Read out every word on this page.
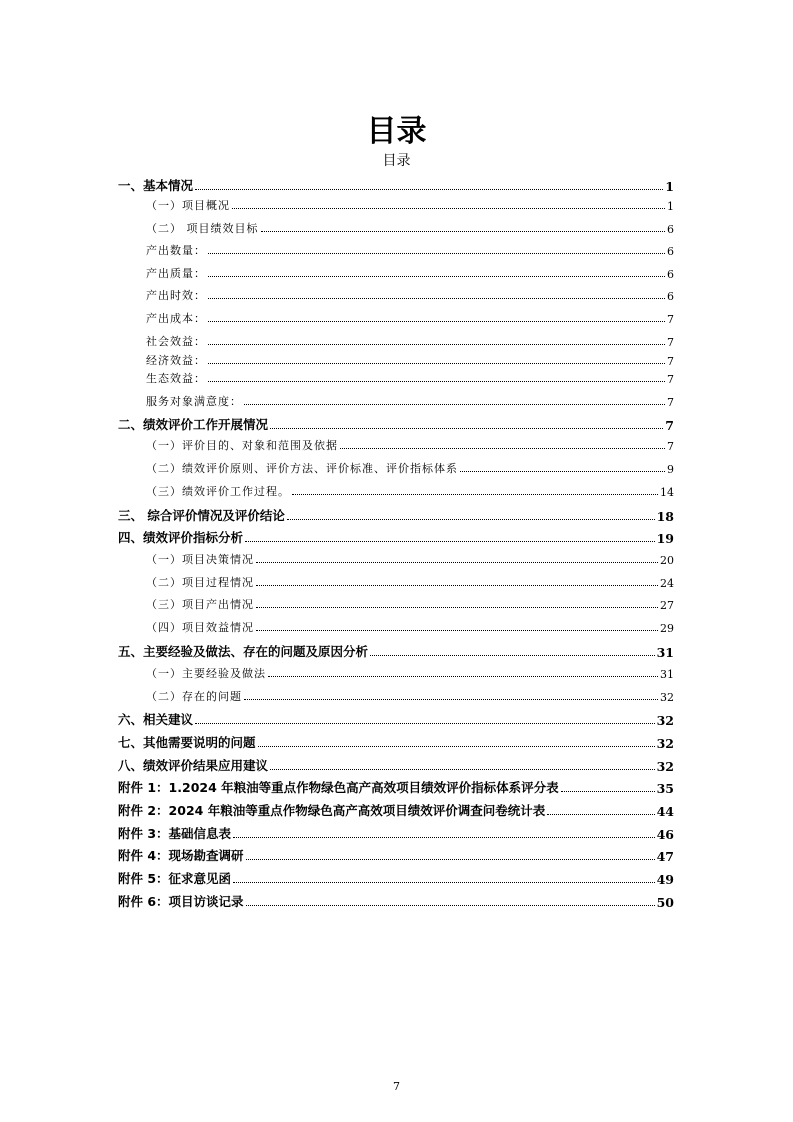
目录
目录
一、基本情况	1
（一）项目概况	1
（二） 项目绩效目标	6
产出数量：	6
产出质量：	6
产出时效：	6
产出成本：	7
社会效益：	7
经济效益：	7
生态效益：	7
服务对象满意度：	7
二、绩效评价工作开展情况	7
（一）评价目的、对象和范围及依据	7
（二）绩效评价原则、评价方法、评价标准、评价指标体系	9
（三）绩效评价工作过程。	14
三、 综合评价情况及评价结论	18
四、绩效评价指标分析	19
（一）项目决策情况	20
（二）项目过程情况	24
（三）项目产出情况	27
（四）项目效益情况	29
五、主要经验及做法、存在的问题及原因分析	31
（一）主要经验及做法	31
（二）存在的问题	32
六、相关建议	32
七、其他需要说明的问题	32
八、绩效评价结果应用建议	32
附件 1：1.2024 年粮油等重点作物绿色高产高效项目绩效评价指标体系评分表	35
附件 2：2024 年粮油等重点作物绿色高产高效项目绩效评价调查问卷统计表	44
附件 3：基础信息表	46
附件 4：现场勘查调研	47
附件 5：征求意见函	49
附件 6：项目访谈记录	50
7
